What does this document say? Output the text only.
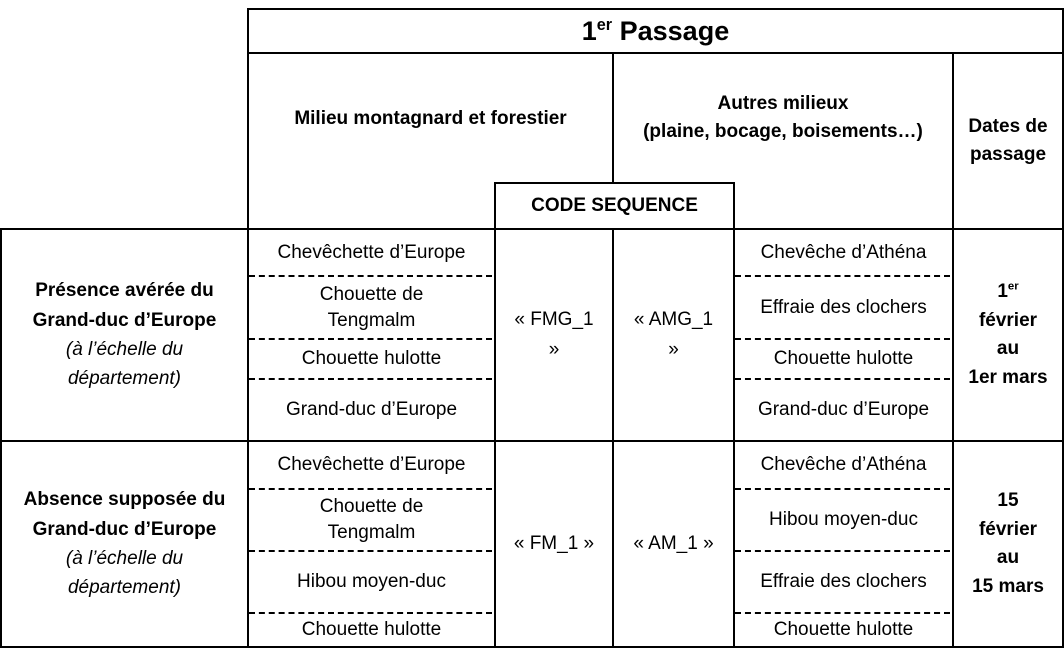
1er Passage
Milieu montagnard et forestier
Autres milieux
(plaine, bocage, boisements…) Dates de
passage
CODE SEQUENCE
Présence avérée du
Grand-duc d’Europe
(à l’échelle du
département)
Chevêchette d’Europe
Chouette de Tengmalm
Chouette hulotte
Grand-duc d’Europe
« FMG_1
»
« AMG_1
»
Chevêche d’Athéna
Effraie des clochers
Chouette hulotte
Grand-duc d’Europe
1er
février
au
1er mars
Absence supposée du
Grand-duc d’Europe
(à l’échelle du
département)
Chevêchette d’Europe
Chouette de Tengmalm
Hibou moyen-duc
Chouette hulotte
« FM_1 » « AM_1 »
Chevêche d’Athéna
Hibou moyen-duc
Effraie des clochers
Chouette hulotte
15
février
au
15 mars
